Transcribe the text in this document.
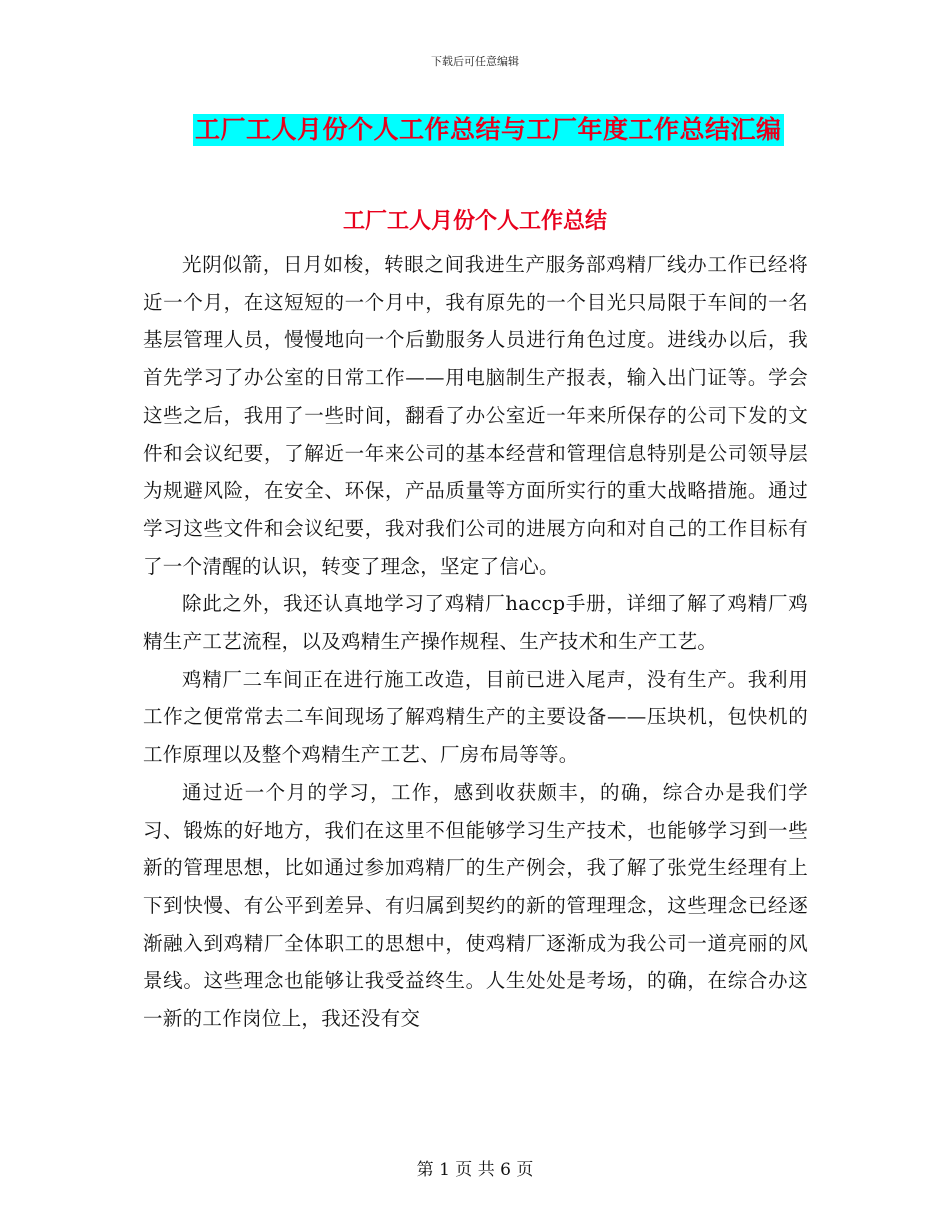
下载后可任意编辑
工厂工人月份个人工作总结与工厂年度工作总结汇编
工厂工人月份个人工作总结

光阴似箭，日月如梭，转眼之间我进生产服务部鸡精厂线办工作已经将近一个月，在这短短的一个月中，我有原先的一个目光只局限于车间的一名基层管理人员，慢慢地向一个后勤服务人员进行角色过度。进线办以后，我首先学习了办公室的日常工作——用电脑制生产报表，输入出门证等。学会这些之后，我用了一些时间，翻看了办公室近一年来所保存的公司下发的文件和会议纪要，了解近一年来公司的基本经营和管理信息特别是公司领导层为规避风险，在安全、环保，产品质量等方面所实行的重大战略措施。通过学习这些文件和会议纪要，我对我们公司的进展方向和对自己的工作目标有了一个清醒的认识，转变了理念，坚定了信心。

除此之外，我还认真地学习了鸡精厂haccp手册，详细了解了鸡精厂鸡精生产工艺流程，以及鸡精生产操作规程、生产技术和生产工艺。

鸡精厂二车间正在进行施工改造，目前已进入尾声，没有生产。我利用工作之便常常去二车间现场了解鸡精生产的主要设备——压块机，包快机的工作原理以及整个鸡精生产工艺、厂房布局等等。

通过近一个月的学习，工作，感到收获颇丰，的确，综合办是我们学习、锻炼的好地方，我们在这里不但能够学习生产技术，也能够学习到一些新的管理思想，比如通过参加鸡精厂的生产例会，我了解了张党生经理有上下到快慢、有公平到差异、有归属到契约的新的管理理念，这些理念已经逐渐融入到鸡精厂全体职工的思想中，使鸡精厂逐渐成为我公司一道亮丽的风景线。这些理念也能够让我受益终生。人生处处是考场，的确，在综合办这一新的工作岗位上，我还没有交

第 1 页 共 6 页
